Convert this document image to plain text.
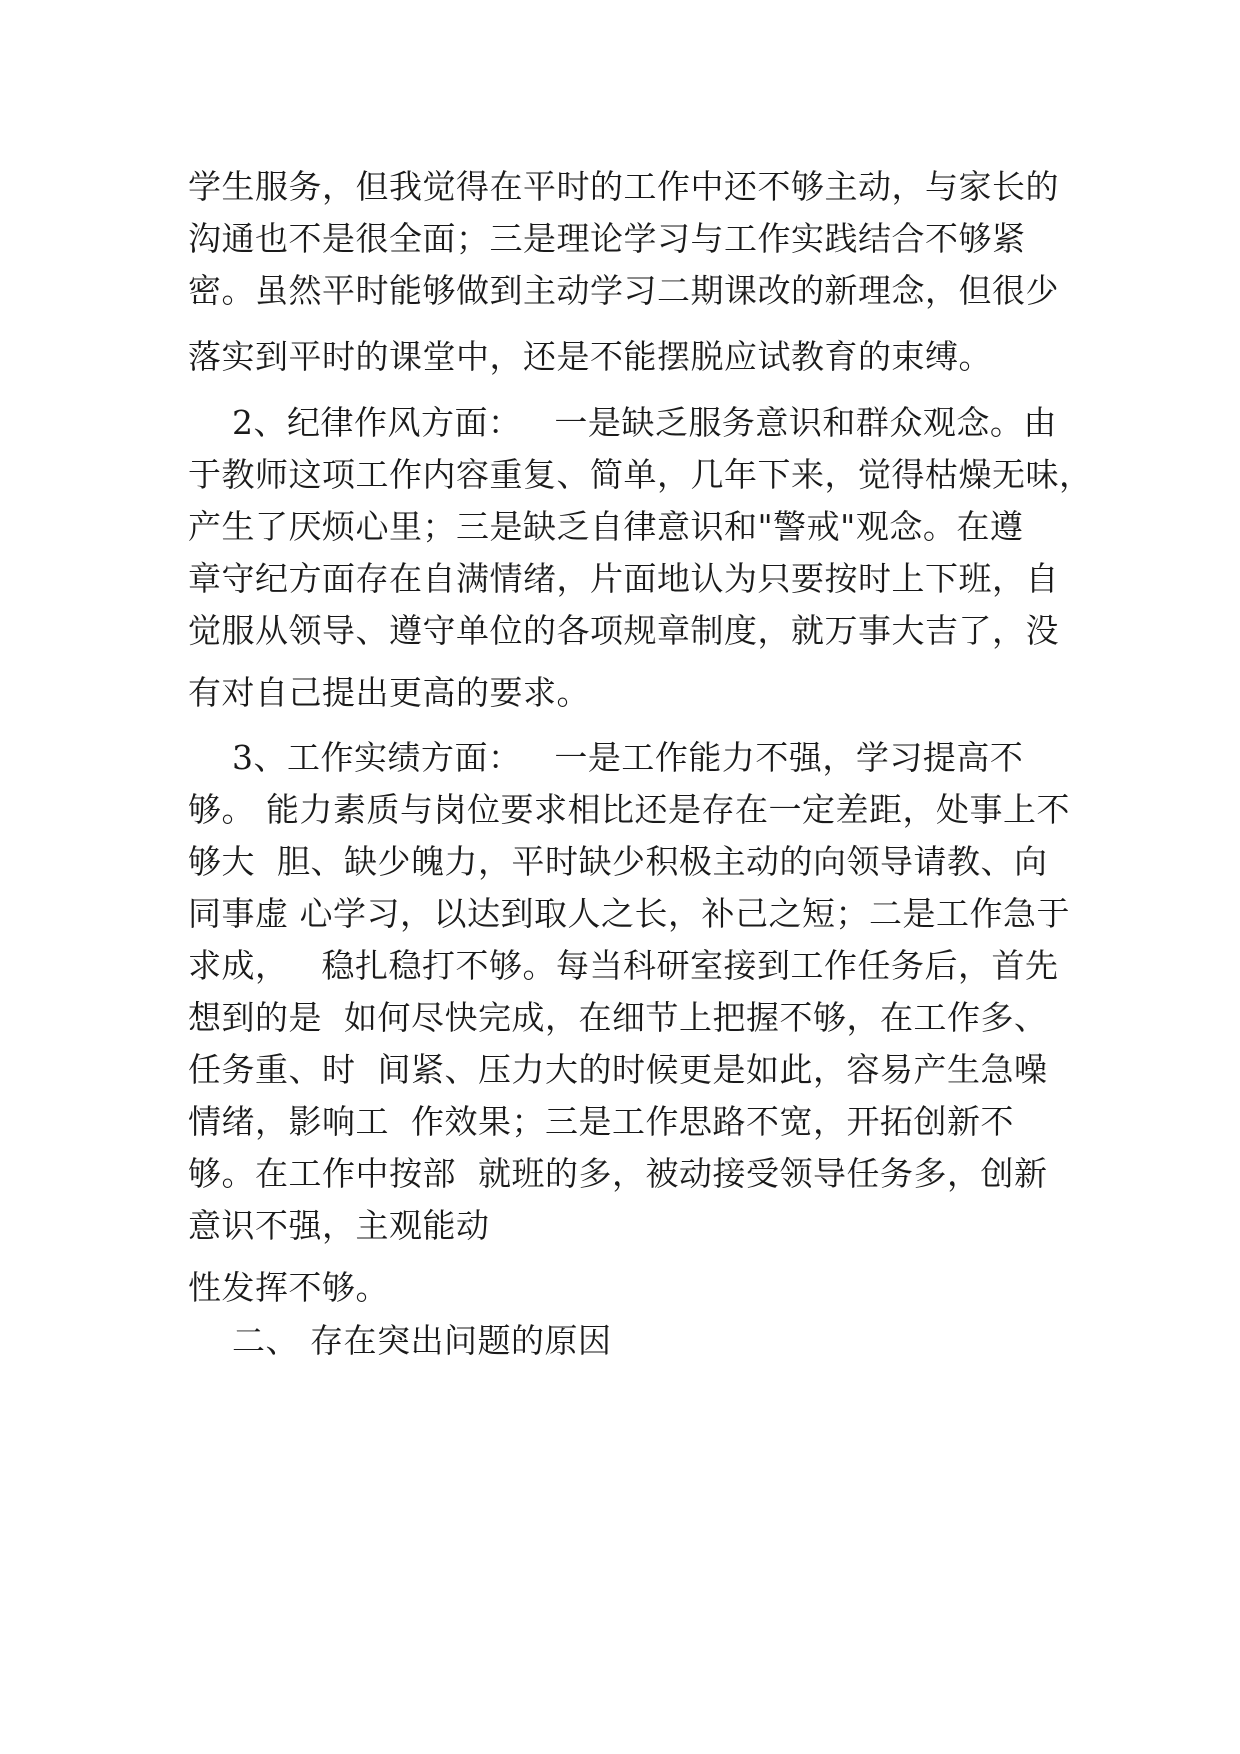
学生服务，但我觉得在平时的工作中还不够主动，与家长的

沟通也不是很全面；三是理论学习与工作实践结合不够紧

密。虽然平时能够做到主动学习二期课改的新理念，但很少

落实到平时的课堂中，还是不能摆脱应试教育的束缚。

2、纪律作风方面：   一是缺乏服务意识和群众观念。由

于教师这项工作内容重复、简单，几年下来，觉得枯燥无味，

产生了厌烦心里；三是缺乏自律意识和"警戒"观念。在遵

章守纪方面存在自满情绪，片面地认为只要按时上下班，自

觉服从领导、遵守单位的各项规章制度，就万事大吉了，没

有对自己提出更高的要求。

3、工作实绩方面：   一是工作能力不强，学习提高不

够。 能力素质与岗位要求相比还是存在一定差距，处事上不

够大  胆、缺少魄力，平时缺少积极主动的向领导请教、向

同事虚 心学习，以达到取人之长，补己之短；二是工作急于

求成，   稳扎稳打不够。每当科研室接到工作任务后，首先

想到的是  如何尽快完成，在细节上把握不够，在工作多、

任务重、时  间紧、压力大的时候更是如此，容易产生急噪

情绪，影响工  作效果；三是工作思路不宽，开拓创新不

够。在工作中按部  就班的多，被动接受领导任务多，创新

意识不强，主观能动

性发挥不够。

二、 存在突出问题的原因
